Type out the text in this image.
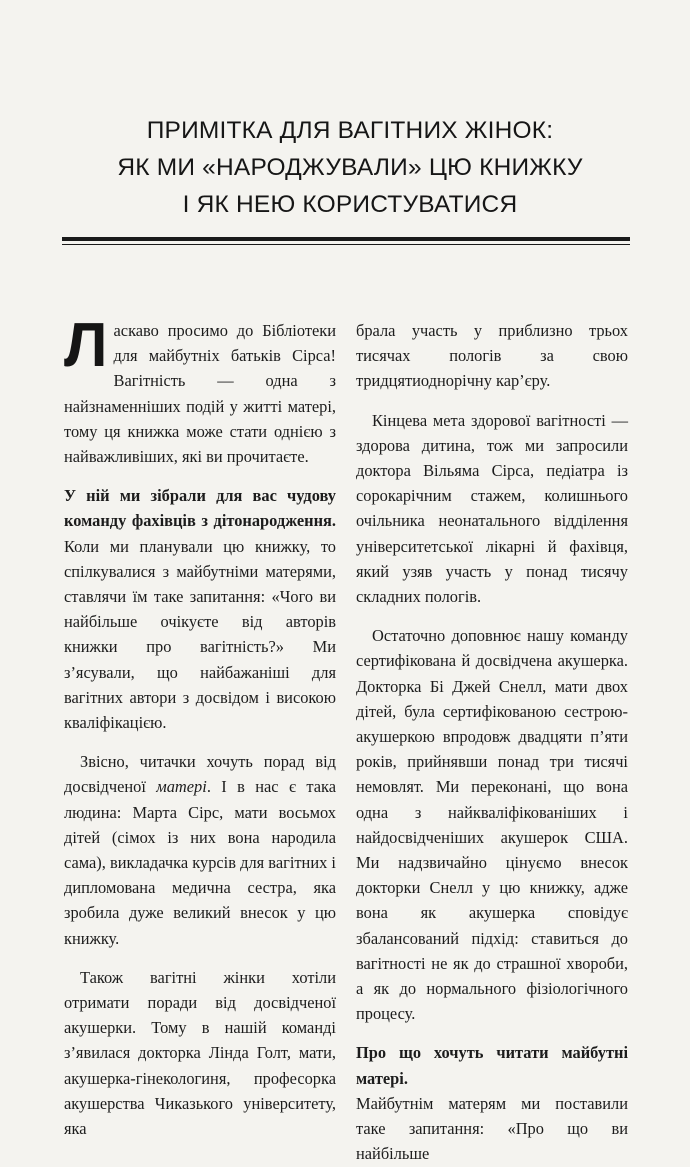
ПРИМІТКА ДЛЯ ВАГІТНИХ ЖІНОК:
ЯК МИ «НАРОДЖУВАЛИ» ЦЮ КНИЖКУ
І ЯК НЕЮ КОРИСТУВАТИСЯ

Ласкаво просимо до Бібліотеки для майбутніх батьків Сірса! Вагітність — одна з найзнаменніших подій у житті матері, тому ця книжка може стати однією з найважливіших, які ви прочитаєте.

У ній ми зібрали для вас чудову команду фахівців з дітонародження. Коли ми планували цю книжку, то спілкувалися з майбутніми матерями, ставлячи їм таке запитання: «Чого ви найбільше очікуєте від авторів книжки про вагітність?» Ми з’ясували, що найбажаніші для вагітних автори з досвідом і високою кваліфікацією.

Звісно, читачки хочуть порад від досвідченої матері. І в нас є така людина: Марта Сірс, мати восьмох дітей (сімох із них вона народила сама), викладачка курсів для вагітних і дипломована медична сестра, яка зробила дуже великий внесок у цю книжку.

Також вагітні жінки хотіли отримати поради від досвідченої акушерки. Тому в нашій команді з’явилася докторка Лінда Голт, мати, акушерка-гінекологиня, професорка акушерства Чиказького університету, яка

брала участь у приблизно трьох тисячах пологів за свою тридцятиоднорічну кар’єру.

Кінцева мета здорової вагітності — здорова дитина, тож ми запросили доктора Вільяма Сірса, педіатра із сорокарічним стажем, колишнього очільника неонатального відділення університетської лікарні й фахівця, який узяв участь у понад тисячу складних пологів.

Остаточно доповнює нашу команду сертифікована й досвідчена акушерка. Докторка Бі Джей Снелл, мати двох дітей, була сертифікованою сестрою-акушеркою впродовж двадцяти п’яти років, прийнявши понад три тисячі немовлят. Ми переконані, що вона одна з найкваліфікованіших і найдосвідченіших акушерок США. Ми надзвичайно цінуємо внесок докторки Снелл у цю книжку, адже вона як акушерка сповідує збалансований підхід: ставиться до вагітності не як до страшної хвороби, а як до нормального фізіологічного процесу.

Про що хочуть читати майбутні матері.
Майбутнім матерям ми поставили таке запитання: «Про що ви найбільше
